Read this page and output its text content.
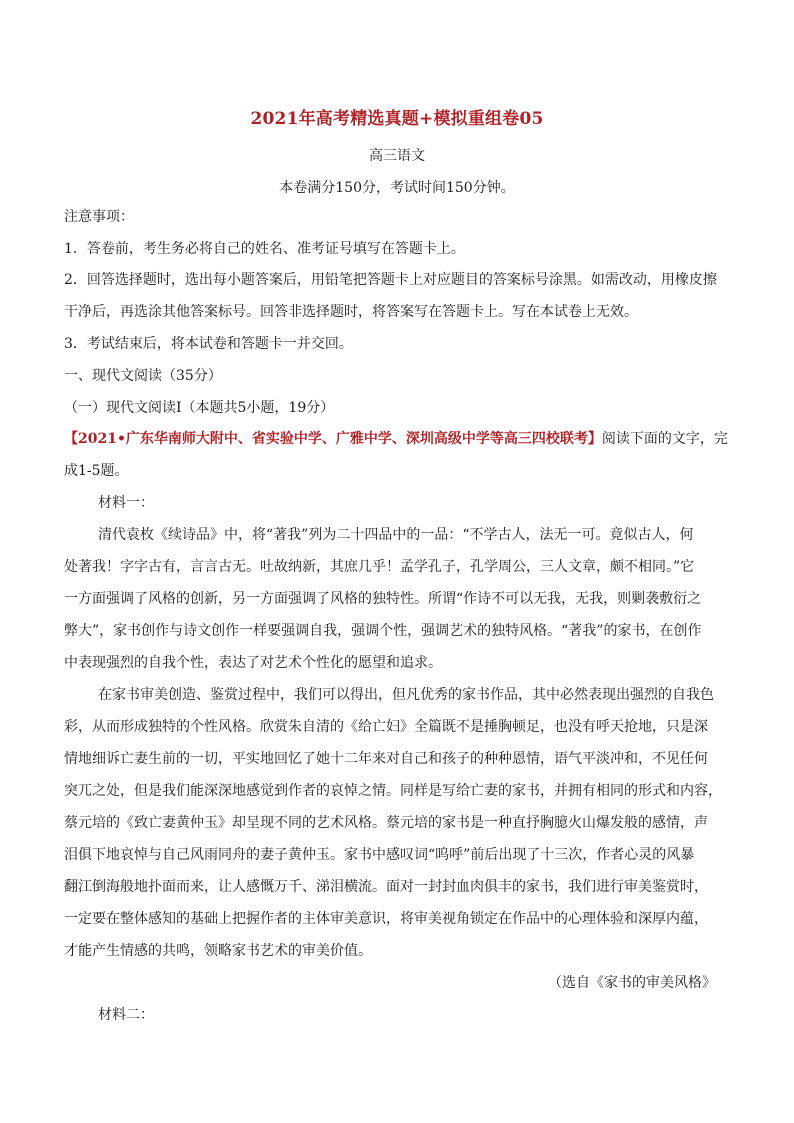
2021年高考精选真题+模拟重组卷05
高三语文
本卷满分150分，考试时间150分钟。
注意事项：
1．答卷前，考生务必将自己的姓名、准考证号填写在答题卡上。
2．回答选择题时，选出每小题答案后，用铅笔把答题卡上对应题目的答案标号涂黑。如需改动，用橡皮擦
干净后，再选涂其他答案标号。回答非选择题时，将答案写在答题卡上。写在本试卷上无效。
3．考试结束后，将本试卷和答题卡一并交回。
一、现代文阅读（35分）
（一）现代文阅读Ⅰ（本题共5小题，19分）
【2021•广东华南师大附中、省实验中学、广雅中学、深圳高级中学等高三四校联考】阅读下面的文字，完
成1-5题。
材料一：
清代袁枚《续诗品》中，将“著我”列为二十四品中的一品：“不学古人，法无一可。竟似古人，何
处著我！字字古有，言言古无。吐故纳新，其庶几乎！孟学孔子，孔学周公，三人文章，颇不相同。”它
一方面强调了风格的创新，另一方面强调了风格的独特性。所谓“作诗不可以无我，无我，则剿袭敷衍之
弊大”，家书创作与诗文创作一样要强调自我，强调个性，强调艺术的独特风格。“著我”的家书，在创作
中表现强烈的自我个性，表达了对艺术个性化的愿望和追求。
在家书审美创造、鉴赏过程中，我们可以得出，但凡优秀的家书作品，其中必然表现出强烈的自我色
彩，从而形成独特的个性风格。欣赏朱自清的《给亡妇》全篇既不是捶胸顿足，也没有呼天抢地，只是深
情地细诉亡妻生前的一切，平实地回忆了她十二年来对自己和孩子的种种恩情，语气平淡冲和，不见任何
突兀之处，但是我们能深深地感觉到作者的哀悼之情。同样是写给亡妻的家书，并拥有相同的形式和内容，
蔡元培的《致亡妻黄仲玉》却呈现不同的艺术风格。蔡元培的家书是一种直抒胸臆火山爆发般的感情，声
泪俱下地哀悼与自己风雨同舟的妻子黄仲玉。家书中感叹词“呜呼”前后出现了十三次，作者心灵的风暴
翻江倒海般地扑面而来，让人感慨万千、涕泪横流。面对一封封血肉俱丰的家书，我们进行审美鉴赏时，
一定要在整体感知的基础上把握作者的主体审美意识，将审美视角锁定在作品中的心理体验和深厚内蕴，
才能产生情感的共鸣，领略家书艺术的审美价值。
（选自《家书的审美风格》
材料二：
